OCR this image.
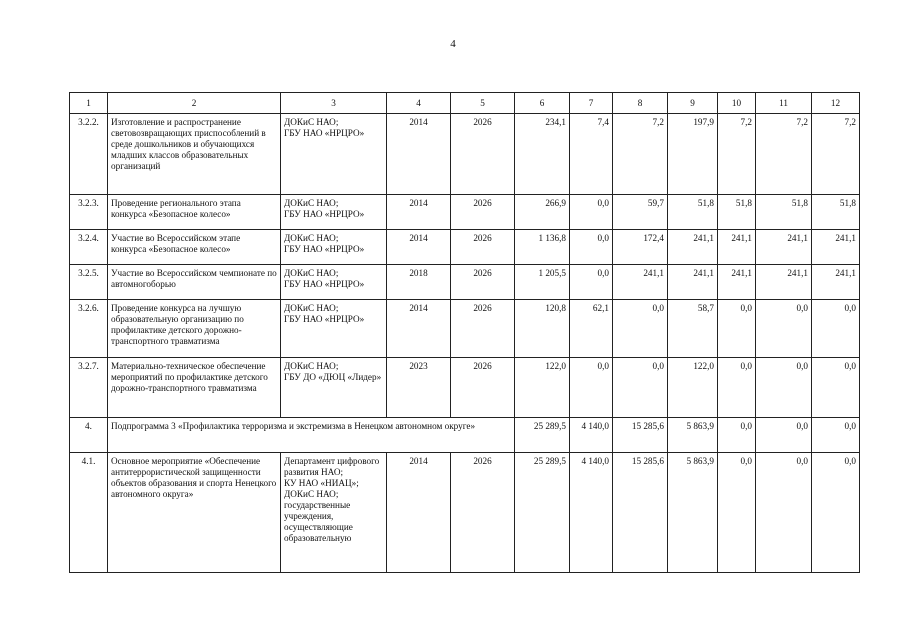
4
1	2	3	4	5	6	7	8	9	10	11	12
3.2.2.	Изготовление и распространение световозвращающих приспособлений в среде дошкольников и обучающихся младших классов образовательных организаций	ДОКиС НАО;
ГБУ НАО «НРЦРО»	2014	2026	234,1	7,4	7,2	197,9	7,2	7,2	7,2
3.2.3.	Проведение регионального этапа конкурса «Безопасное колесо»	ДОКиС НАО;
ГБУ НАО «НРЦРО»	2014	2026	266,9	0,0	59,7	51,8	51,8	51,8	51,8
3.2.4.	Участие во Всероссийском этапе конкурса «Безопасное колесо»	ДОКиС НАО;
ГБУ НАО «НРЦРО»	2014	2026	1 136,8	0,0	172,4	241,1	241,1	241,1	241,1
3.2.5.	Участие во Всероссийском чемпионате по автомногоборью	ДОКиС НАО;
ГБУ НАО «НРЦРО»	2018	2026	1 205,5	0,0	241,1	241,1	241,1	241,1	241,1
3.2.6.	Проведение конкурса на лучшую образовательную организацию по профилактике детского дорожно-транспортного травматизма	ДОКиС НАО;
ГБУ НАО «НРЦРО»	2014	2026	120,8	62,1	0,0	58,7	0,0	0,0	0,0
3.2.7.	Материально-техническое обеспечение мероприятий по профилактике детского дорожно-транспортного травматизма	ДОКиС НАО;
ГБУ ДО «ДЮЦ «Лидер»	2023	2026	122,0	0,0	0,0	122,0	0,0	0,0	0,0
4.	Подпрограмма 3 «Профилактика терроризма и экстремизма в Ненецком автономном округе»				25 289,5	4 140,0	15 285,6	5 863,9	0,0	0,0	0,0
4.1.	Основное мероприятие «Обеспечение антитеррористической защищенности объектов образования и спорта Ненецкого автономного округа»	Департамент цифрового развития НАО;
КУ НАО «НИАЦ»;
ДОКиС НАО;
государственные учреждения, осуществляющие образовательную	2014	2026	25 289,5	4 140,0	15 285,6	5 863,9	0,0	0,0	0,0
